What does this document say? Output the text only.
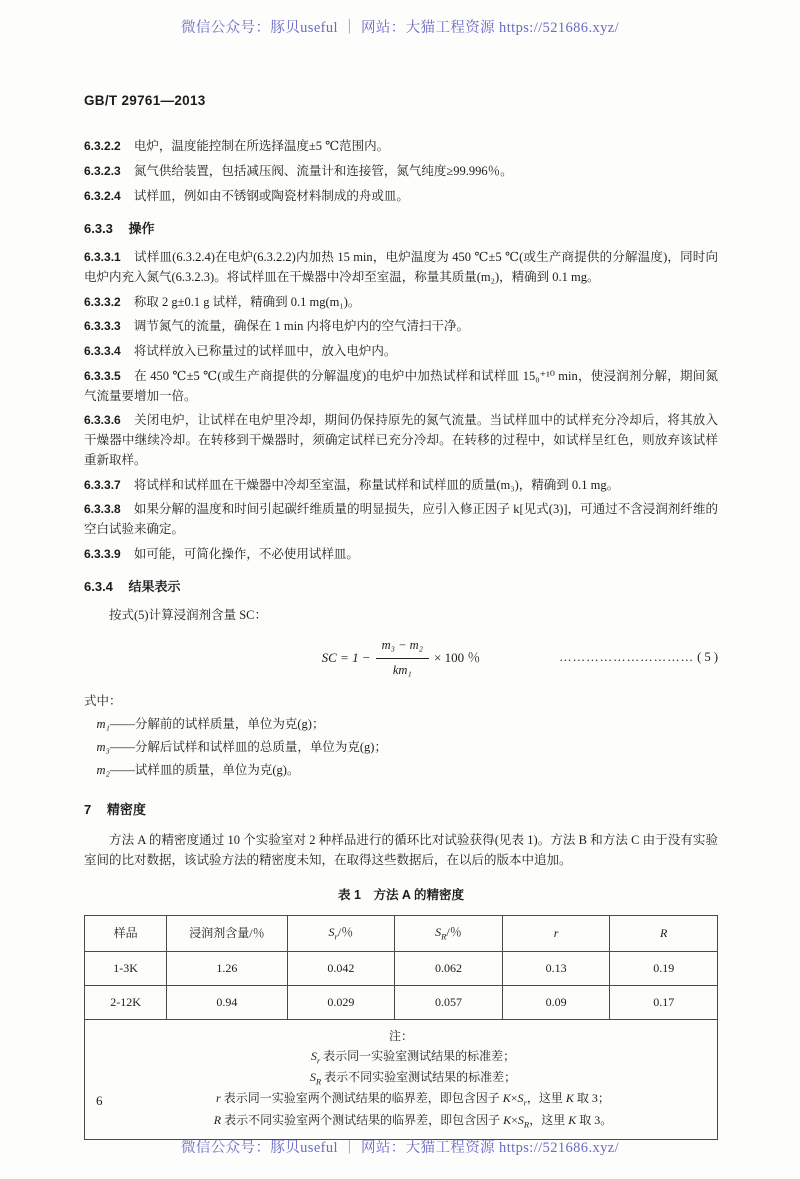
微信公众号：豚贝useful ｜ 网站：大猫工程资源 https://521686.xyz/
GB/T 29761—2013

6.3.2.2 电炉，温度能控制在所选择温度±5 ℃范围内。

6.3.2.3 氮气供给装置，包括减压阀、流量计和连接管，氮气纯度≥99.996％。

6.3.2.4 试样皿，例如由不锈钢或陶瓷材料制成的舟或皿。

6.3.3 操作

6.3.3.1 试样皿(6.3.2.4)在电炉(6.3.2.2)内加热 15 min，电炉温度为 450 ℃±5 ℃(或生产商提供的分解温度)，同时向电炉内充入氮气(6.3.2.3)。将试样皿在干燥器中冷却至室温，称量其质量(m₂)，精确到 0.1 mg。

6.3.3.2 称取 2 g±0.1 g 试样，精确到 0.1 mg(m₁)。

6.3.3.3 调节氮气的流量，确保在 1 min 内将电炉内的空气清扫干净。

6.3.3.4 将试样放入已称量过的试样皿中，放入电炉内。

6.3.3.5 在 450 ℃±5 ℃(或生产商提供的分解温度)的电炉中加热试样和试样皿 15₀⁺¹⁰ min，使浸润剂分解，期间氮气流量要增加一倍。

6.3.3.6 关闭电炉，让试样在电炉里冷却，期间仍保持原先的氮气流量。当试样皿中的试样充分冷却后，将其放入干燥器中继续冷却。在转移到干燥器时，须确定试样已充分冷却。在转移的过程中，如试样呈红色，则放弃该试样重新取样。

6.3.3.7 将试样和试样皿在干燥器中冷却至室温，称量试样和试样皿的质量(m₃)，精确到 0.1 mg。

6.3.3.8 如果分解的温度和时间引起碳纤维质量的明显损失，应引入修正因子 k[见式(3)]，可通过不含浸润剂纤维的空白试验来确定。

6.3.3.9 如可能，可简化操作，不必使用试样皿。

6.3.4 结果表示

按式(5)计算浸润剂含量 SC：

SC = $1 - \frac{\text{m₃ − m₂}}{\text{km₁}} \times 100$ ％	………………………… ( 5 )

式中：

m₁——分解前的试样质量，单位为克(g)；

m₃——分解后试样和试样皿的总质量，单位为克(g)；

m₂——试样皿的质量，单位为克(g)。

7 精密度

方法 A 的精密度通过 10 个实验室对 2 种样品进行的循环比对试验获得(见表 1)。方法 B 和方法 C 由于没有实验室间的比对数据，该试验方法的精密度未知，在取得这些数据后，在以后的版本中追加。

表 1　方法 A 的精密度
样品	浸润剂含量/％	$S_r/$％	$S_R/$％	r	R
1-3K	1.26	0.042	0.062	0.13	0.19
2-12K	0.94	0.029	0.057	0.09	0.17

注：
$S_r$ 表示同一实验室测试结果的标准差；
$S_R$ 表示不同实验室测试结果的标准差；
r 表示同一实验室两个测试结果的临界差，即包含因子 $K\times S_r$，这里 K 取 3；
R 表示不同实验室两个测试结果的临界差，即包含因子 $K\times S_R$，这里 K 取 3。					
6
微信公众号：豚贝useful ｜ 网站：大猫工程资源 https://521686.xyz/
